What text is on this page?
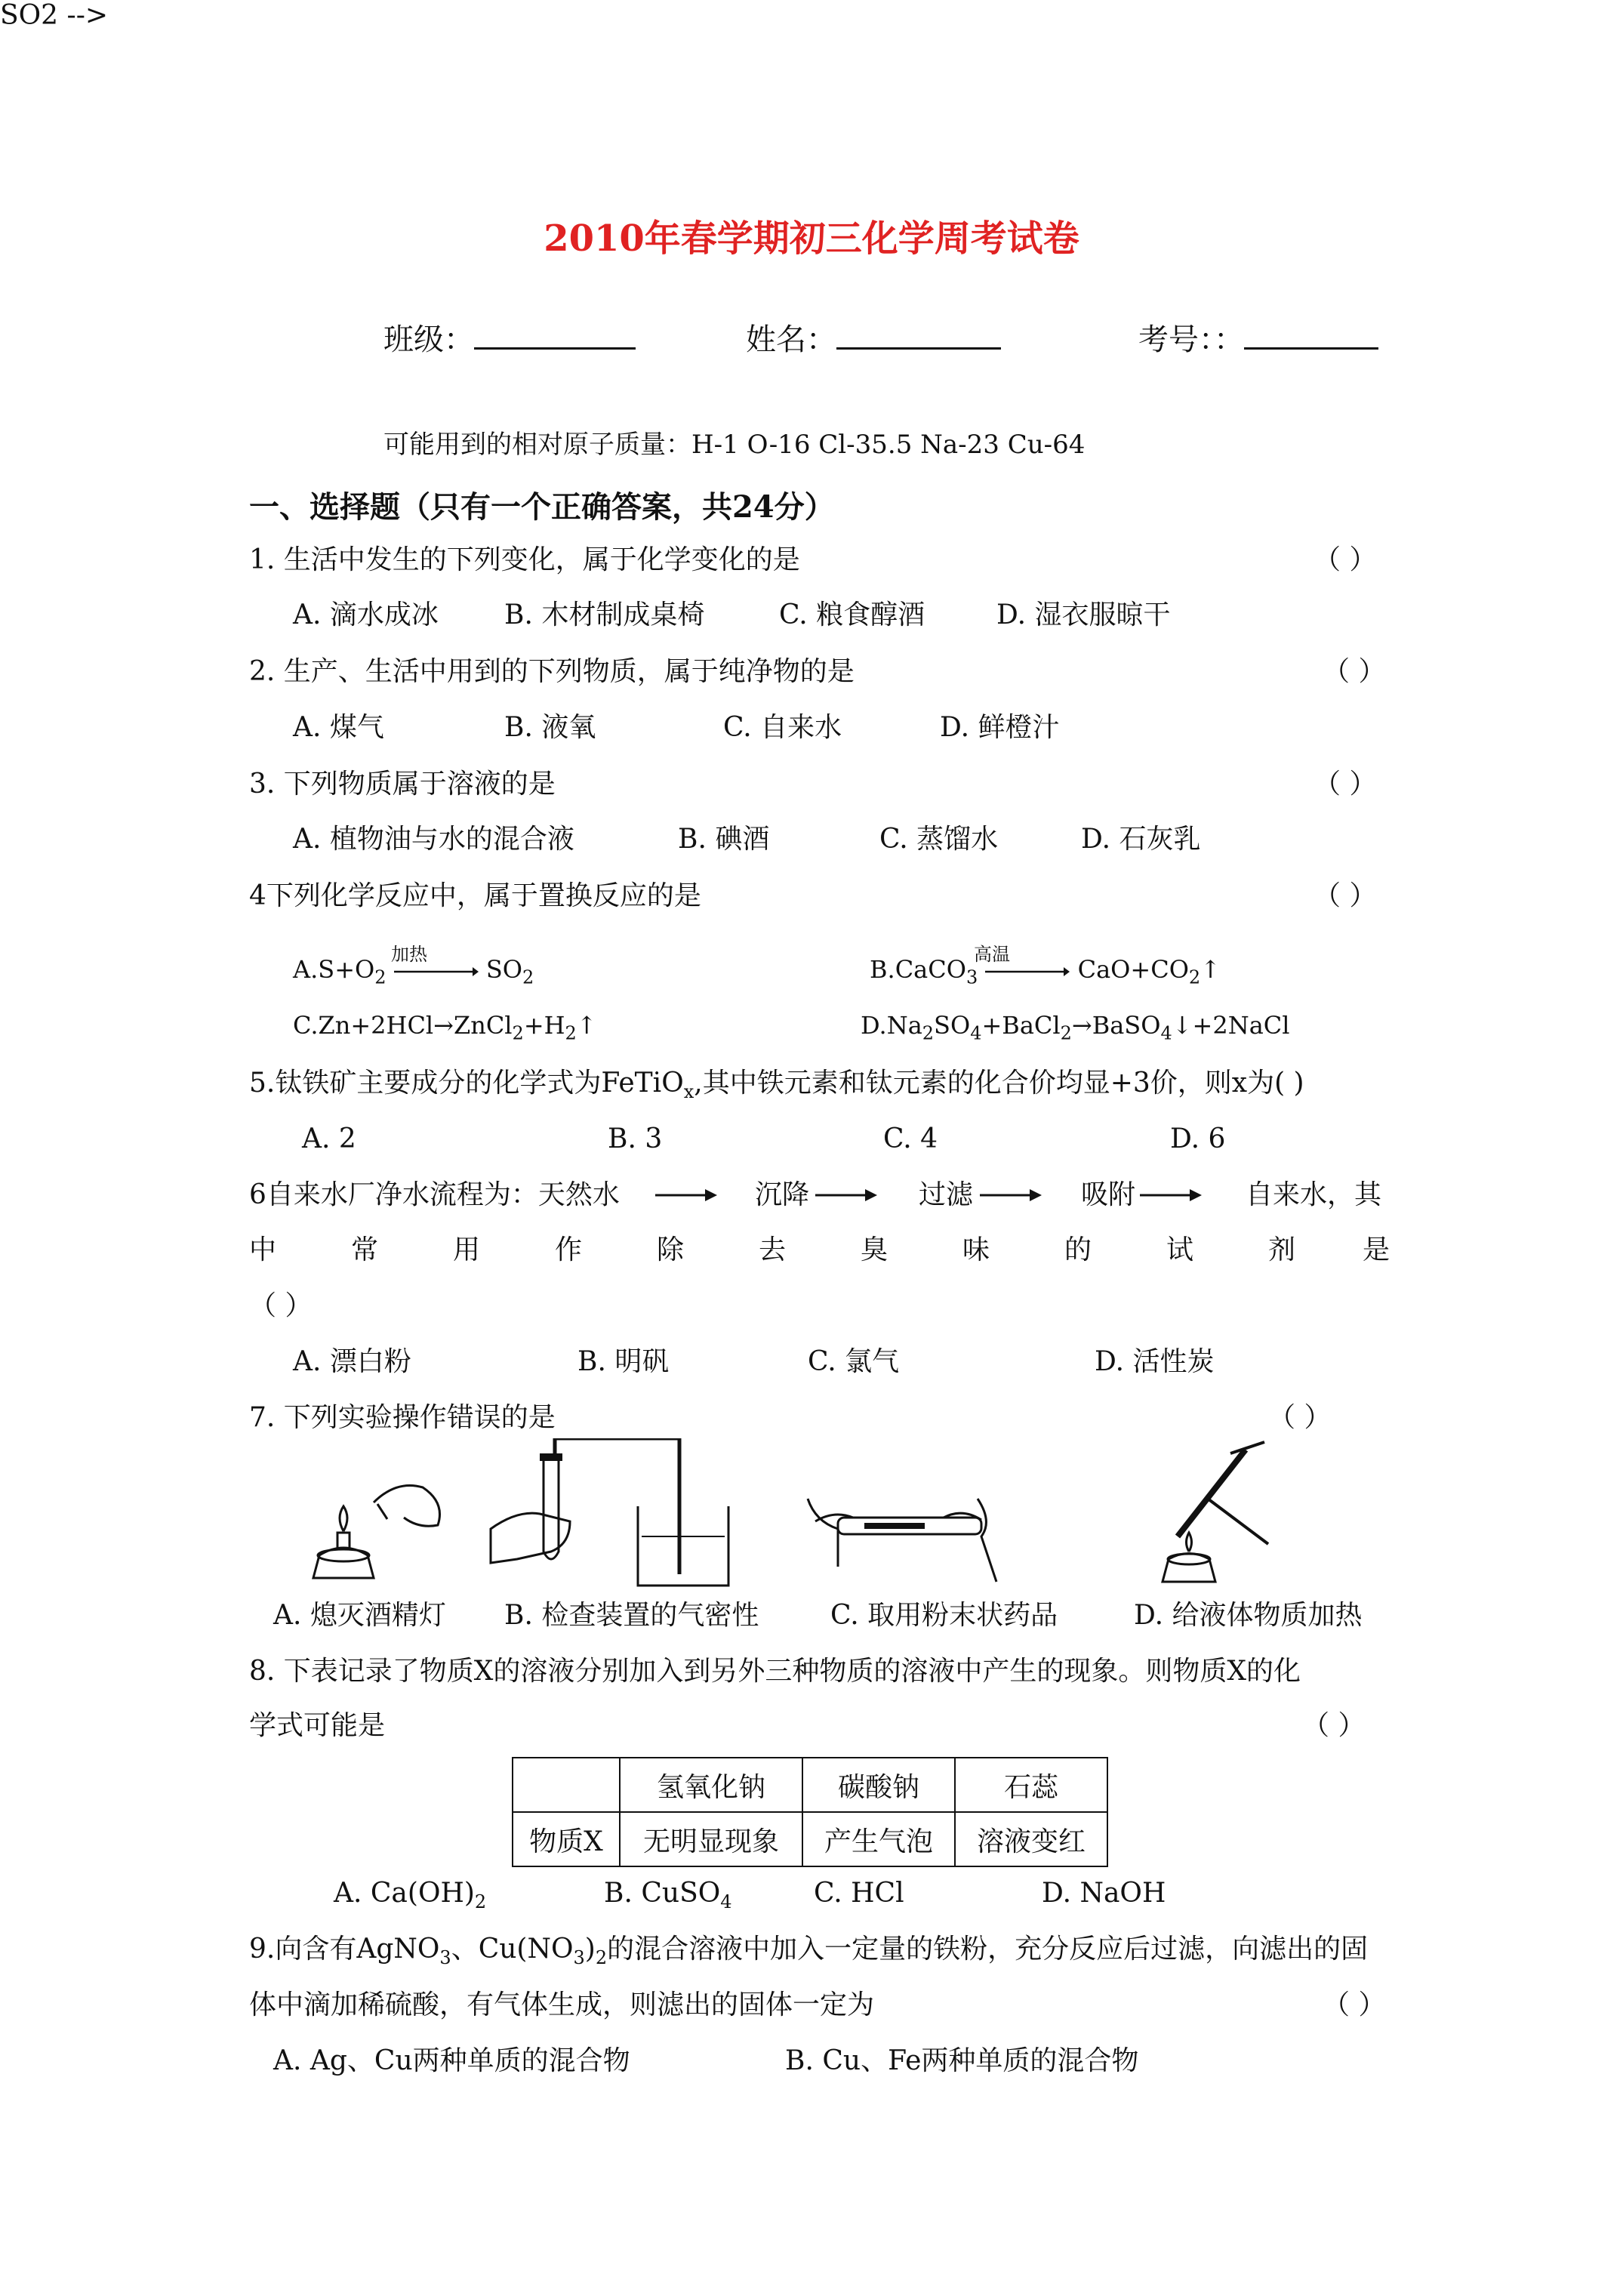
2010年春学期初三化学周考试卷
班级：	姓名：	考号：：
可能用到的相对原子质量：H-1 O-16 Cl-35.5 Na-23 Cu-64
一、选择题（只有一个正确答案，共24分）
1. 生活中发生的下列变化，属于化学变化的是	（ ）
A. 滴水成冰 B. 木材制成桌椅	C. 粮食醇酒	D. 湿衣服晾干
2. 生产、生活中用到的下列物质，属于纯净物的是	（ ）
A. 煤气	B. 液氧	C. 自来水	D. 鲜橙汁
3. 下列物质属于溶液的是	（ ）
A. 植物油与水的混合液	B. 碘酒	C. 蒸馏水	D. 石灰乳
4下列化学反应中，属于置换反应的是	（ ）
SO2 -->
$A.S+O_2 \to SO_2$
加热
B.CaCO$_3$ → $CaO+CO_2↑$
高温
$C.Zn+2HCl\to ZnCl_2+H_2↑$	$D.Na_2SO_4+BaCl_2\to BaSO_4↓+2NaCl$
5.钛铁矿主要成分的化学式为FeTiO$_x$,其中铁元素和钛元素的化合价均显+3价，则x为( )
A. 2	B. 3	C. 4	D. 6
6自来水厂净水流程为：天然水	沉降	过滤	吸附	自来水，其
中	常	用	作	除	去	臭	味	的	试	剂 是
（ ）
A. 漂白粉	B. 明矾	C. 氯气	D. 活性炭
7. 下列实验操作错误的是	（ ）
A. 熄灭酒精灯 B. 检查装置的气密性	C. 取用粉末状药品	D. 给液体物质加热
8. 下表记录了物质X的溶液分别加入到另外三种物质的溶液中产生的现象。则物质X的化
学式可能是	（ ）
	氢氧化钠	碳酸钠	石蕊
物质X	无明显现象	产生气泡	溶液变红
A. $Ca(OH)_2$	B. CuSO$_4$	C. HCl	D. NaOH
9.向含有AgNO$_3$、$Cu(NO_3)_2$的混合溶液中加入一定量的铁粉，充分反应后过滤，向滤出的固
体中滴加稀硫酸，有气体生成，则滤出的固体一定为	（ ）
A. Ag、Cu两种单质的混合物	B. Cu、Fe两种单质的混合物
